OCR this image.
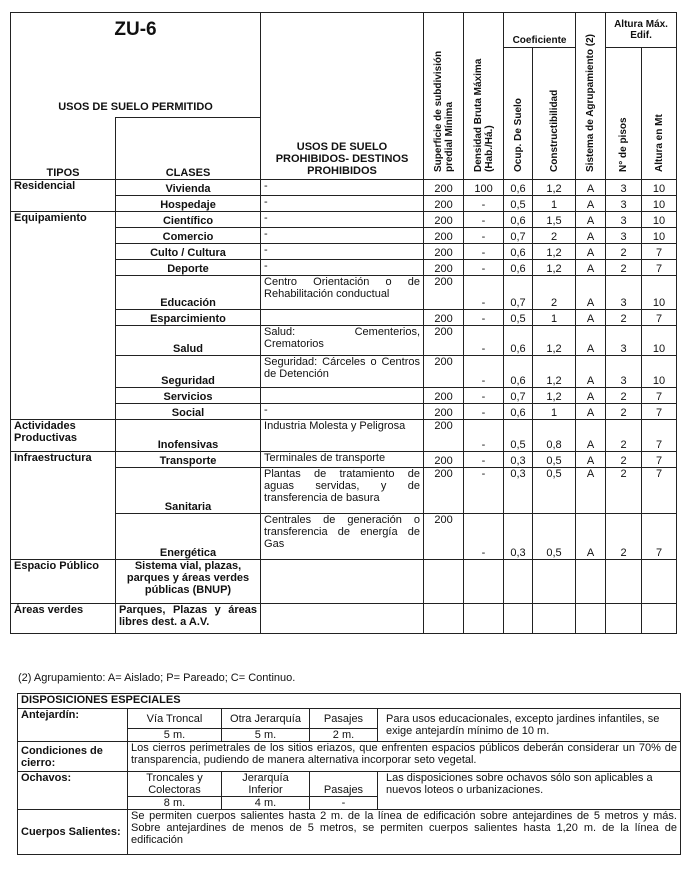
ZU-6		USOS DE SUELO PROHIBIDOS- DESTINOS PROHIBIDOS	Superficie de subdivisión predial Mínima	Densidad Bruta Máxima (Hab./Há.)	Coeficiente		Sistema de Agrupamiento (2)	Altura Máx. Edif.	
USOS DE SUELO PERMITIDO					Ocup. De Suelo	Constructibilidad		N° de pisos	Altura en Mt
TIPOS	CLASES								
Residencial	Vivienda	-	200	100	0,6	1,2	A	3	10
	Hospedaje	-	200	-	0,5	1	A	3	10
Equipamiento	Científico	-	200	-	0,6	1,5	A	3	10
	Comercio	-	200	-	0,7	2	A	3	10
	Culto / Cultura	-	200	-	0,6	1,2	A	2	7
	Deporte	-	200	-	0,6	1,2	A	2	7
	Educación	Centro Orientación o de Rehabilitación conductual	200	-	0,7	2	A	3	10
	Esparcimiento		200	-	0,5	1	A	2	7
	Salud	Salud: Cementerios, Crematorios	200	-	0,6	1,2	A	3	10
	Seguridad	Seguridad: Cárceles o Centros de Detención	200	-	0,6	1,2	A	3	10
	Servicios		200	-	0,7	1,2	A	2	7
	Social	-	200	-	0,6	1	A	2	7
Actividades Productivas	Inofensivas	Industria Molesta y Peligrosa	200	-	0,5	0,8	A	2	7
Infraestructura	Transporte	Terminales de transporte	200	-	0,3	0,5	A	2	7
	Sanitaria	Plantas de tratamiento de aguas servidas, y de transferencia de basura	200	-	0,3	0,5	A	2	7
	Energética	Centrales de generación o transferencia de energía de Gas	200	-	0,3	0,5	A	2	7
Espacio Público	Sistema vial, plazas, parques y áreas verdes públicas (BNUP)								
Áreas verdes	Parques, Plazas y áreas libres dest. a A.V.								
(2) Agrupamiento: A= Aislado; P= Pareado; C= Continuo.
DISPOSICIONES ESPECIALES				
Antejardín:	Vía Troncal	Otra Jerarquía	Pasajes	Para usos educacionales, excepto jardines infantiles, se exige antejardín mínimo de 10 m.
	5 m.	5 m.	2 m.	
Condiciones de cierro:	Los cierros perimetrales de los sitios eriazos, que enfrenten espacios públicos deberán considerar un 70% de transparencia, pudiendo de manera alternativa incorporar seto vegetal.			
Ochavos:	Troncales y Colectoras	Jerarquía Inferior	Pasajes	Las disposiciones sobre ochavos sólo son aplicables a nuevos loteos o urbanizaciones.
	8 m.	4 m.	-	
Cuerpos Salientes:	Se permiten cuerpos salientes hasta 2 m. de la línea de edificación sobre antejardines de 5 metros y más. Sobre antejardines de menos de 5 metros, se permiten cuerpos salientes hasta 1,20 m. de la línea de edificación			
